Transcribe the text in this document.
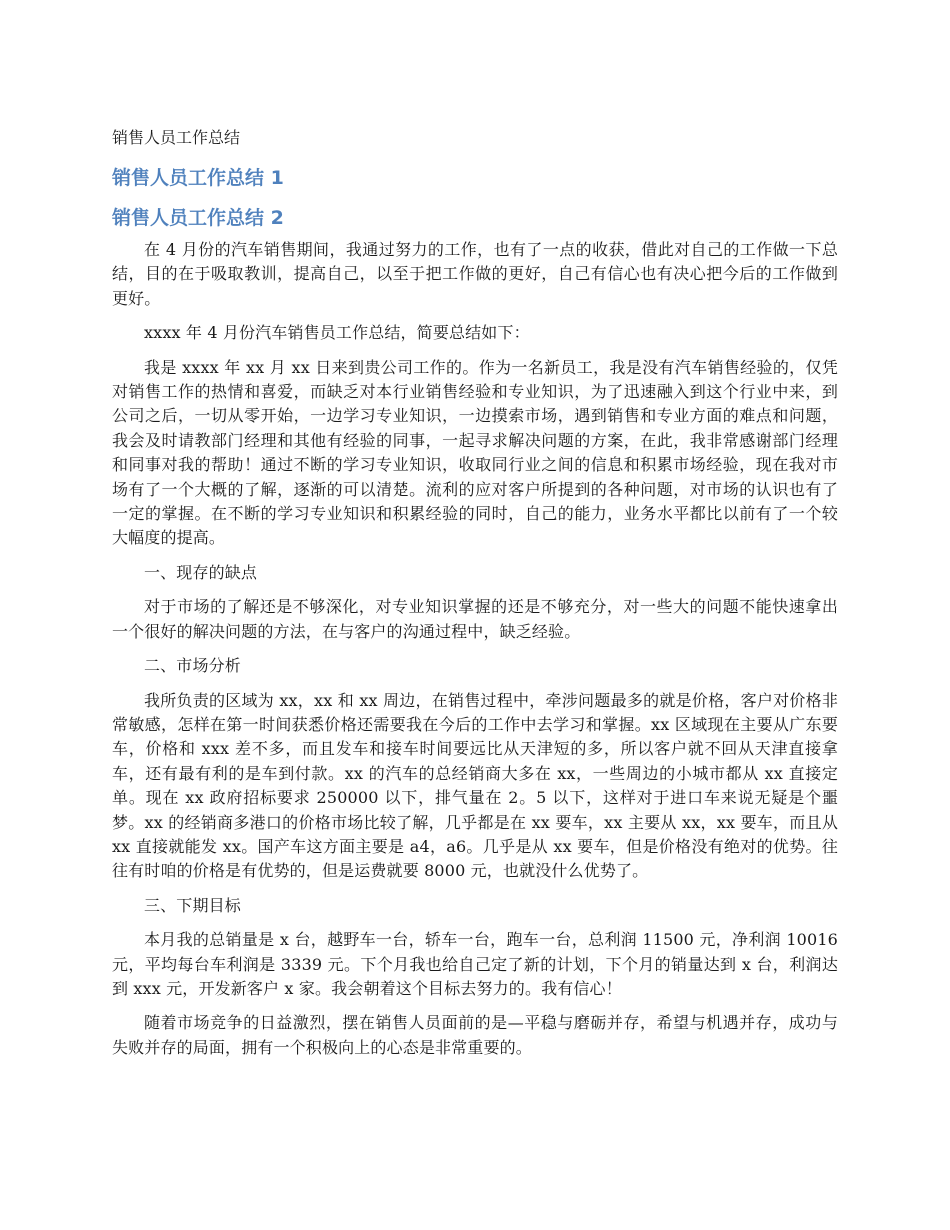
销售人员工作总结
销售人员工作总结 1
销售人员工作总结 2

在 4 月份的汽车销售期间，我通过努力的工作，也有了一点的收获，借此对自己的工作做一下总结，目的在于吸取教训，提高自己，以至于把工作做的更好，自己有信心也有决心把今后的工作做到更好。

xxxx 年 4 月份汽车销售员工作总结，简要总结如下：

我是 xxxx 年 xx 月 xx 日来到贵公司工作的。作为一名新员工，我是没有汽车销售经验的，仅凭对销售工作的热情和喜爱，而缺乏对本行业销售经验和专业知识，为了迅速融入到这个行业中来，到公司之后，一切从零开始，一边学习专业知识，一边摸索市场，遇到销售和专业方面的难点和问题，我会及时请教部门经理和其他有经验的同事，一起寻求解决问题的方案，在此，我非常感谢部门经理和同事对我的帮助！通过不断的学习专业知识，收取同行业之间的信息和积累市场经验，现在我对市场有了一个大概的了解，逐渐的可以清楚。流利的应对客户所提到的各种问题，对市场的认识也有了一定的掌握。在不断的学习专业知识和积累经验的同时，自己的能力，业务水平都比以前有了一个较大幅度的提高。

一、现存的缺点

对于市场的了解还是不够深化，对专业知识掌握的还是不够充分，对一些大的问题不能快速拿出一个很好的解决问题的方法，在与客户的沟通过程中，缺乏经验。

二、市场分析

我所负责的区域为 xx，xx 和 xx 周边，在销售过程中，牵涉问题最多的就是价格，客户对价格非常敏感，怎样在第一时间获悉价格还需要我在今后的工作中去学习和掌握。xx 区域现在主要从广东要车，价格和 xxx 差不多，而且发车和接车时间要远比从天津短的多，所以客户就不回从天津直接拿车，还有最有利的是车到付款。xx 的汽车的总经销商大多在 xx，一些周边的小城市都从 xx 直接定单。现在 xx 政府招标要求 250000 以下，排气量在 2。5 以下，这样对于进口车来说无疑是个噩梦。xx 的经销商多港口的价格市场比较了解，几乎都是在 xx 要车，xx 主要从 xx，xx 要车，而且从 xx 直接就能发 xx。国产车这方面主要是 a4，a6。几乎是从 xx 要车，但是价格没有绝对的优势。往往有时咱的价格是有优势的，但是运费就要 8000 元，也就没什么优势了。

三、下期目标

本月我的总销量是 x 台，越野车一台，轿车一台，跑车一台，总利润 11500 元，净利润 10016 元，平均每台车利润是 3339 元。下个月我也给自己定了新的计划，下个月的销量达到 x 台，利润达到 xxx 元，开发新客户 x 家。我会朝着这个目标去努力的。我有信心！

随着市场竞争的日益激烈，摆在销售人员面前的是—平稳与磨砺并存，希望与机遇并存，成功与失败并存的局面，拥有一个积极向上的心态是非常重要的。
